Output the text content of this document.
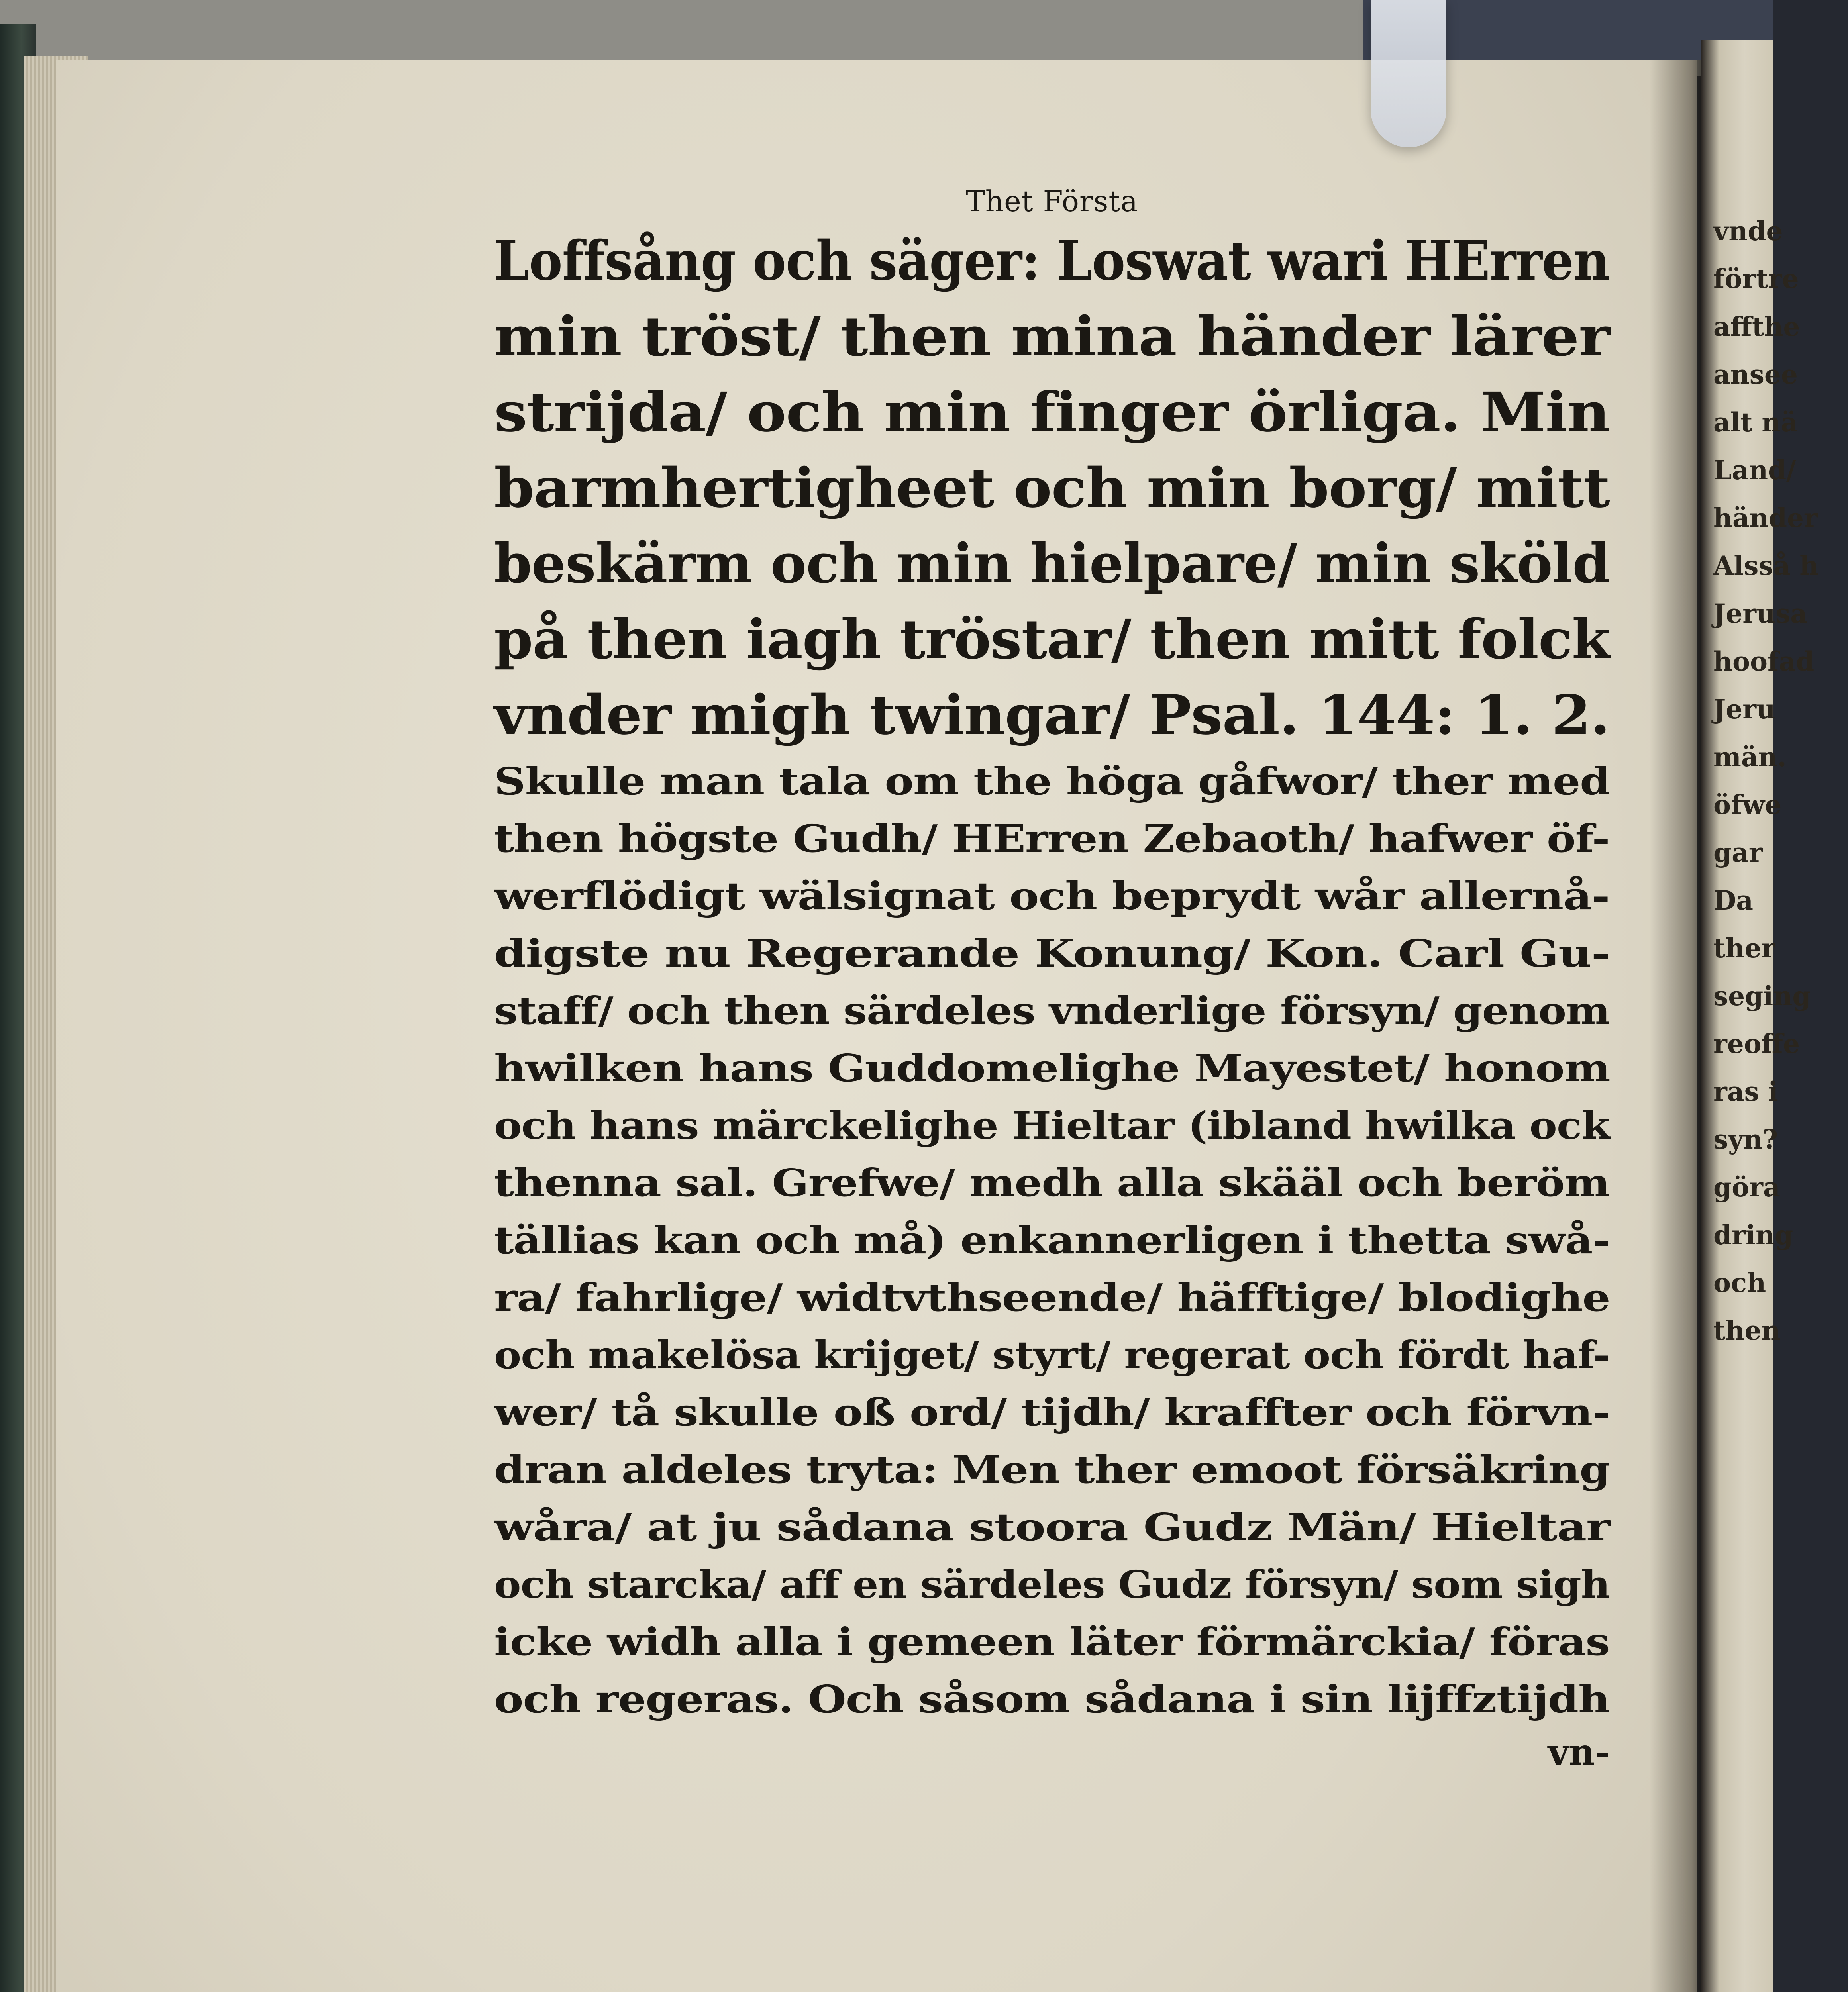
vnde
förtre
affthe
ansee
alt nä
Land/
händer
Alsså h
Jerusa
hoofad
Jeru
män.
öfwe
gar
Da
ther
seging
reoffe
ras i
syn?
göra
dring
och
then
Thet Första
Loffsång och säger: Loswat wari HErren
min tröst/ then mina händer lärer
strijda/ och min finger örliga. Min
barmhertigheet och min borg/ mitt
beskärm och min hielpare/ min sköld
på then iagh tröstar/ then mitt folck
vnder migh twingar/ Psal. 144: 1. 2.
Skulle man tala om the höga gåfwor/ ther med
then högste Gudh/ HErren Zebaoth/ hafwer öf-
werflödigt wälsignat och beprydt wår allernå-
digste nu Regerande Konung/ Kon. Carl Gu-
staff/ och then särdeles vnderlige försyn/ genom
hwilken hans Guddomelighe Mayestet/ honom
och hans märckelighe Hieltar (ibland hwilka ock
thenna sal. Grefwe/ medh alla skääl och beröm
tällias kan och må) enkannerligen i thetta swå-
ra/ fahrlige/ widtvthseende/ häfftige/ blodighe
och makelösa krijget/ styrt/ regerat och fördt haf-
wer/ tå skulle oß ord/ tijdh/ kraffter och förvn-
dran aldeles tryta: Men ther emoot försäkring
wåra/ at ju sådana stoora Gudz Män/ Hieltar
och starcka/ aff en särdeles Gudz försyn/ som sigh
icke widh alla i gemeen läter förmärckia/ föras
och regeras. Och såsom sådana i sin lijffztijdh
vn-
